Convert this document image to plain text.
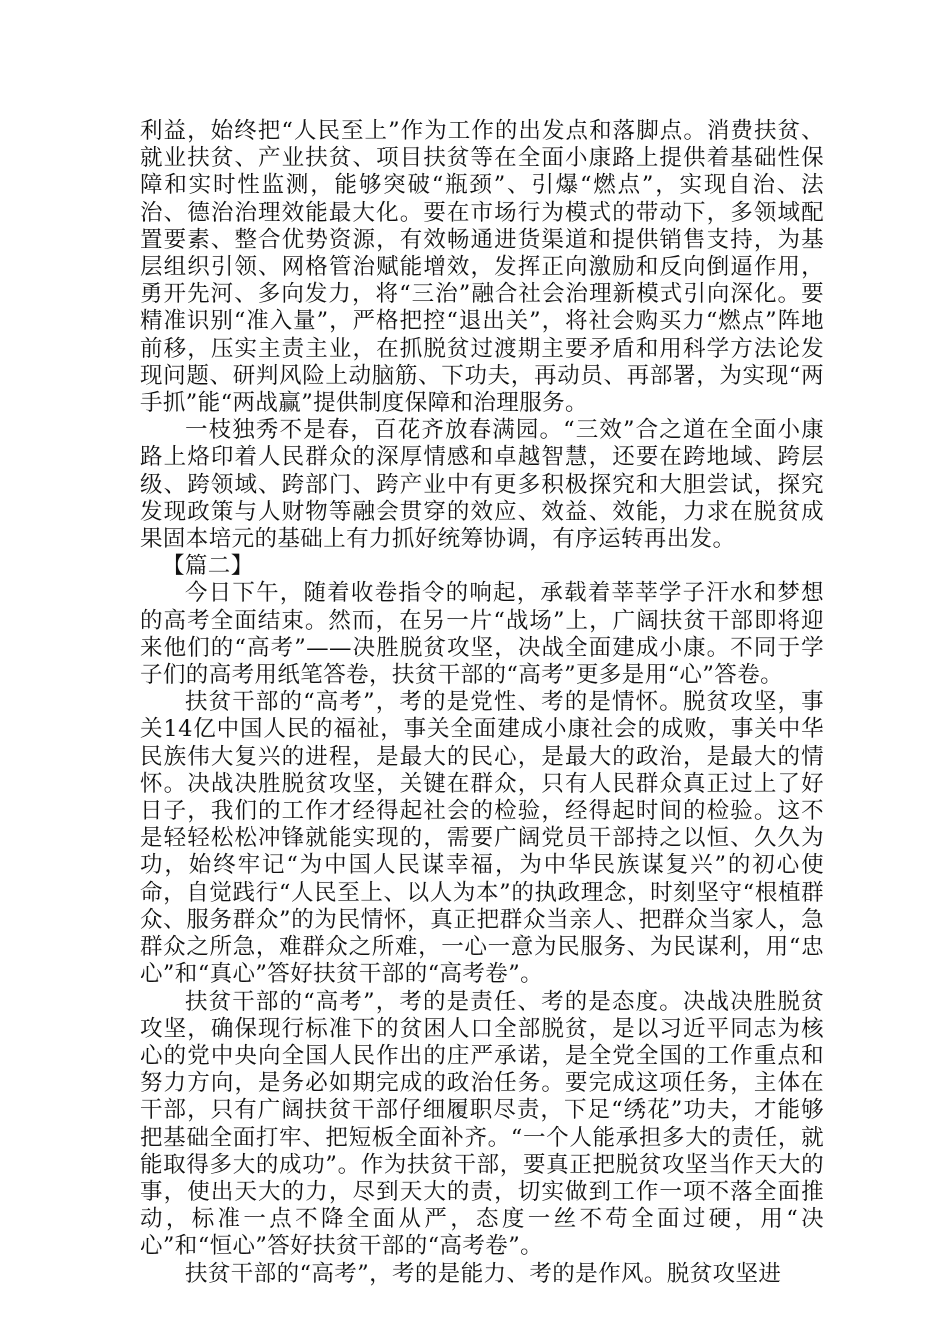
利益，始终把“人民至上”作为工作的出发点和落脚点。消费扶贫、就业扶贫、产业扶贫、项目扶贫等在全面小康路上提供着基础性保障和实时性监测，能够突破“瓶颈”、引爆“燃点”，实现自治、法治、德治治理效能最大化。要在市场行为模式的带动下，多领域配置要素、整合优势资源，有效畅通进货渠道和提供销售支持，为基层组织引领、网格管治赋能增效，发挥正向激励和反向倒逼作用，勇开先河、多向发力，将“三治”融合社会治理新模式引向深化。要精准识别“准入量”，严格把控“退出关”，将社会购买力“燃点”阵地前移，压实主责主业，在抓脱贫过渡期主要矛盾和用科学方法论发现问题、研判风险上动脑筋、下功夫，再动员、再部署，为实现“两手抓”能“两战赢”提供制度保障和治理服务。

一枝独秀不是春，百花齐放春满园。“三效”合之道在全面小康路上烙印着人民群众的深厚情感和卓越智慧，还要在跨地域、跨层级、跨领域、跨部门、跨产业中有更多积极探究和大胆尝试，探究发现政策与人财物等融会贯穿的效应、效益、效能，力求在脱贫成果固本培元的基础上有力抓好统筹协调，有序运转再出发。

【篇二】

今日下午，随着收卷指令的响起，承载着莘莘学子汗水和梦想的高考全面结束。然而，在另一片“战场”上，广阔扶贫干部即将迎来他们的“高考”——决胜脱贫攻坚，决战全面建成小康。不同于学子们的高考用纸笔答卷，扶贫干部的“高考”更多是用“心”答卷。

扶贫干部的“高考”，考的是党性、考的是情怀。脱贫攻坚，事关14亿中国人民的福祉，事关全面建成小康社会的成败，事关中华民族伟大复兴的进程，是最大的民心，是最大的政治，是最大的情怀。决战决胜脱贫攻坚，关键在群众，只有人民群众真正过上了好日子，我们的工作才经得起社会的检验，经得起时间的检验。这不是轻轻松松冲锋就能实现的，需要广阔党员干部持之以恒、久久为功，始终牢记“为中国人民谋幸福，为中华民族谋复兴”的初心使命，自觉践行“人民至上、以人为本”的执政理念，时刻坚守“根植群众、服务群众”的为民情怀，真正把群众当亲人、把群众当家人，急群众之所急，难群众之所难，一心一意为民服务、为民谋利，用“忠心”和“真心”答好扶贫干部的“高考卷”。

扶贫干部的“高考”，考的是责任、考的是态度。决战决胜脱贫攻坚，确保现行标准下的贫困人口全部脱贫，是以习近平同志为核心的党中央向全国人民作出的庄严承诺，是全党全国的工作重点和努力方向，是务必如期完成的政治任务。要完成这项任务，主体在干部，只有广阔扶贫干部仔细履职尽责，下足“绣花”功夫，才能够把基础全面打牢、把短板全面补齐。“一个人能承担多大的责任，就能取得多大的成功”。作为扶贫干部，要真正把脱贫攻坚当作天大的事，使出天大的力，尽到天大的责，切实做到工作一项不落全面推动，标准一点不降全面从严，态度一丝不苟全面过硬，用“决心”和“恒心”答好扶贫干部的“高考卷”。

扶贫干部的“高考”，考的是能力、考的是作风。脱贫攻坚进
